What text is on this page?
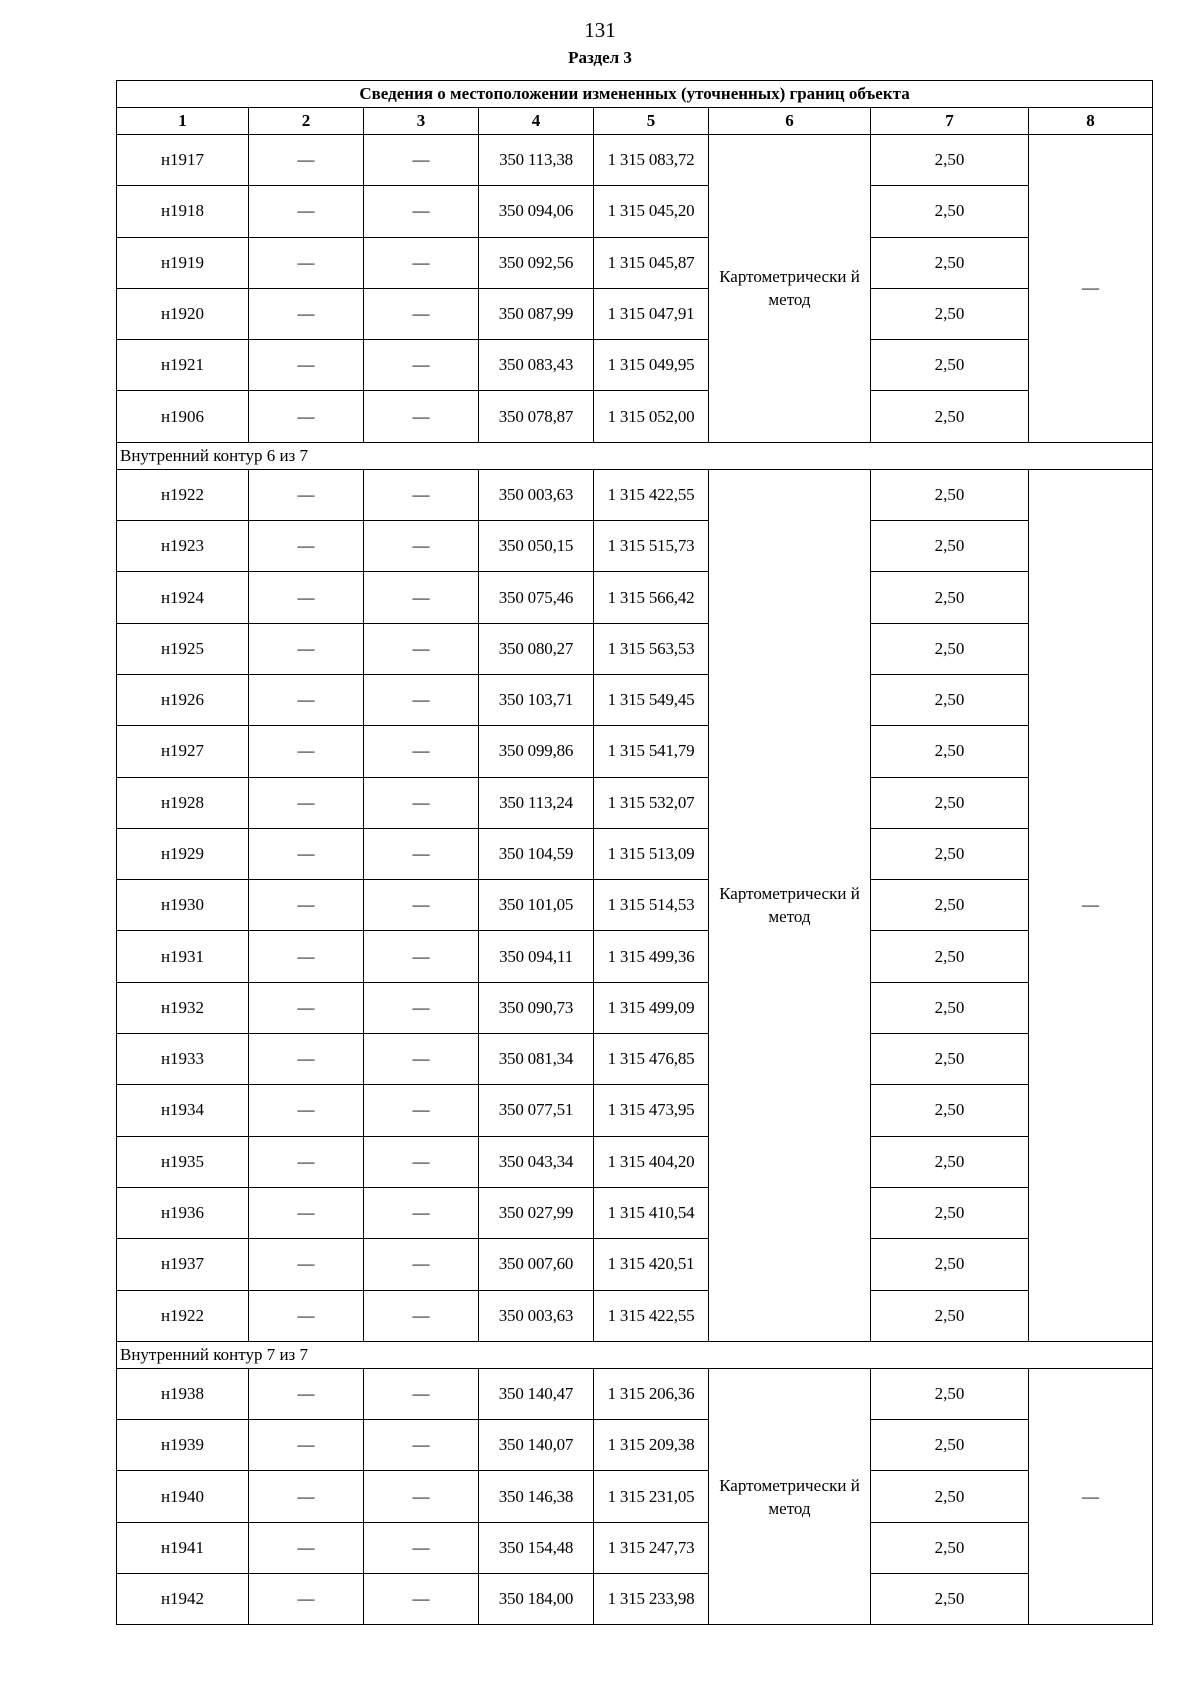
131
Раздел 3
Сведения о местоположении измененных (уточненных) границ объекта							
1	2	3	4	5	6	7	8
н1917	—	—	350 113,38	1 315 083,72	Картометрически й метод	2,50	—
н1918	—	—	350 094,06	1 315 045,20		2,50	
н1919	—	—	350 092,56	1 315 045,87		2,50	
н1920	—	—	350 087,99	1 315 047,91		2,50	
н1921	—	—	350 083,43	1 315 049,95		2,50	
н1906	—	—	350 078,87	1 315 052,00		2,50	
Внутренний контур 6 из 7							
н1922	—	—	350 003,63	1 315 422,55	Картометрически й метод	2,50	—
н1923	—	—	350 050,15	1 315 515,73		2,50	
н1924	—	—	350 075,46	1 315 566,42		2,50	
н1925	—	—	350 080,27	1 315 563,53		2,50	
н1926	—	—	350 103,71	1 315 549,45		2,50	
н1927	—	—	350 099,86	1 315 541,79		2,50	
н1928	—	—	350 113,24	1 315 532,07		2,50	
н1929	—	—	350 104,59	1 315 513,09		2,50	
н1930	—	—	350 101,05	1 315 514,53		2,50	
н1931	—	—	350 094,11	1 315 499,36		2,50	
н1932	—	—	350 090,73	1 315 499,09		2,50	
н1933	—	—	350 081,34	1 315 476,85		2,50	
н1934	—	—	350 077,51	1 315 473,95		2,50	
н1935	—	—	350 043,34	1 315 404,20		2,50	
н1936	—	—	350 027,99	1 315 410,54		2,50	
н1937	—	—	350 007,60	1 315 420,51		2,50	
н1922	—	—	350 003,63	1 315 422,55		2,50	
Внутренний контур 7 из 7							
н1938	—	—	350 140,47	1 315 206,36	Картометрически й метод	2,50	—
н1939	—	—	350 140,07	1 315 209,38		2,50	
н1940	—	—	350 146,38	1 315 231,05		2,50	
н1941	—	—	350 154,48	1 315 247,73		2,50	
н1942	—	—	350 184,00	1 315 233,98		2,50	
